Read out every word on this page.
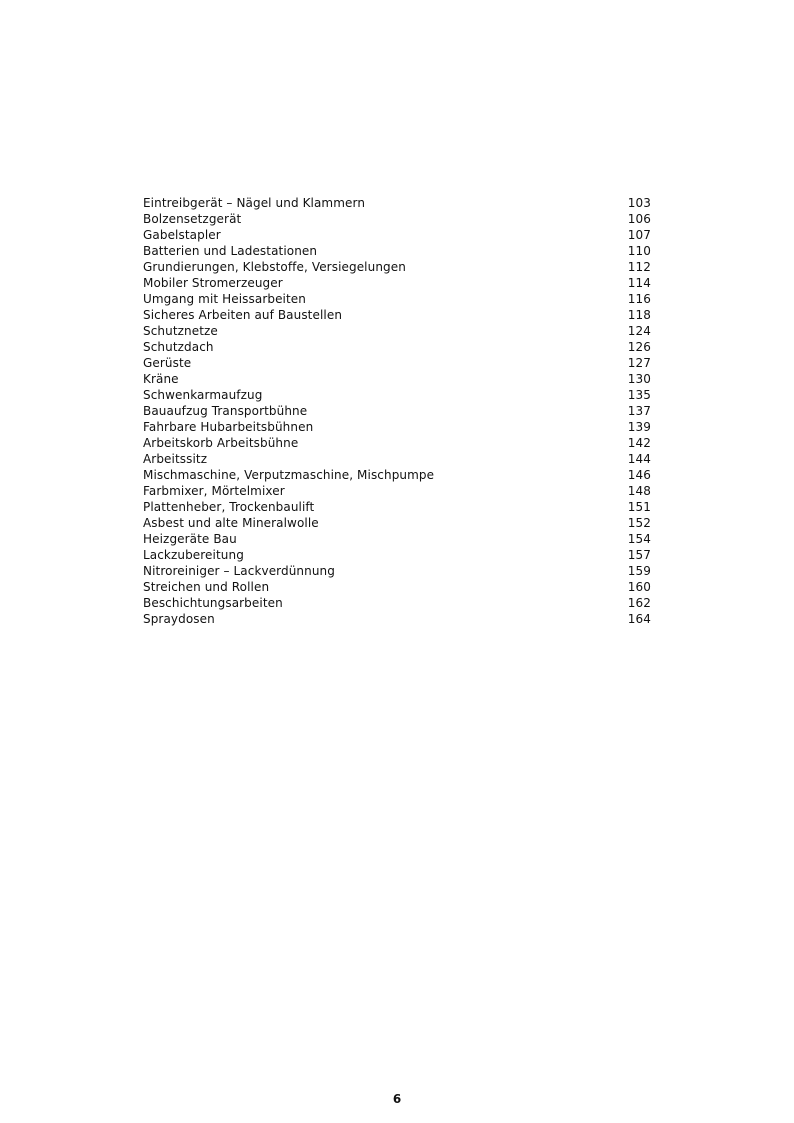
Eintreibgerät – Nägel und Klammern	103
Bolzensetzgerät	106
Gabelstapler	107
Batterien und Ladestationen	110
Grundierungen, Klebstoffe, Versiegelungen	112
Mobiler Stromerzeuger	114
Umgang mit Heissarbeiten	116
Sicheres Arbeiten auf Baustellen	118
Schutznetze	124
Schutzdach	126
Gerüste	127
Kräne	130
Schwenkarmaufzug	135
Bauaufzug Transportbühne	137
Fahrbare Hubarbeitsbühnen	139
Arbeitskorb Arbeitsbühne	142
Arbeitssitz	144
Mischmaschine, Verputzmaschine, Mischpumpe	146
Farbmixer, Mörtelmixer	148
Plattenheber, Trockenbaulift	151
Asbest und alte Mineralwolle	152
Heizgeräte Bau	154
Lackzubereitung	157
Nitroreiniger – Lackverdünnung	159
Streichen und Rollen	160
Beschichtungsarbeiten	162
Spraydosen	164
6
